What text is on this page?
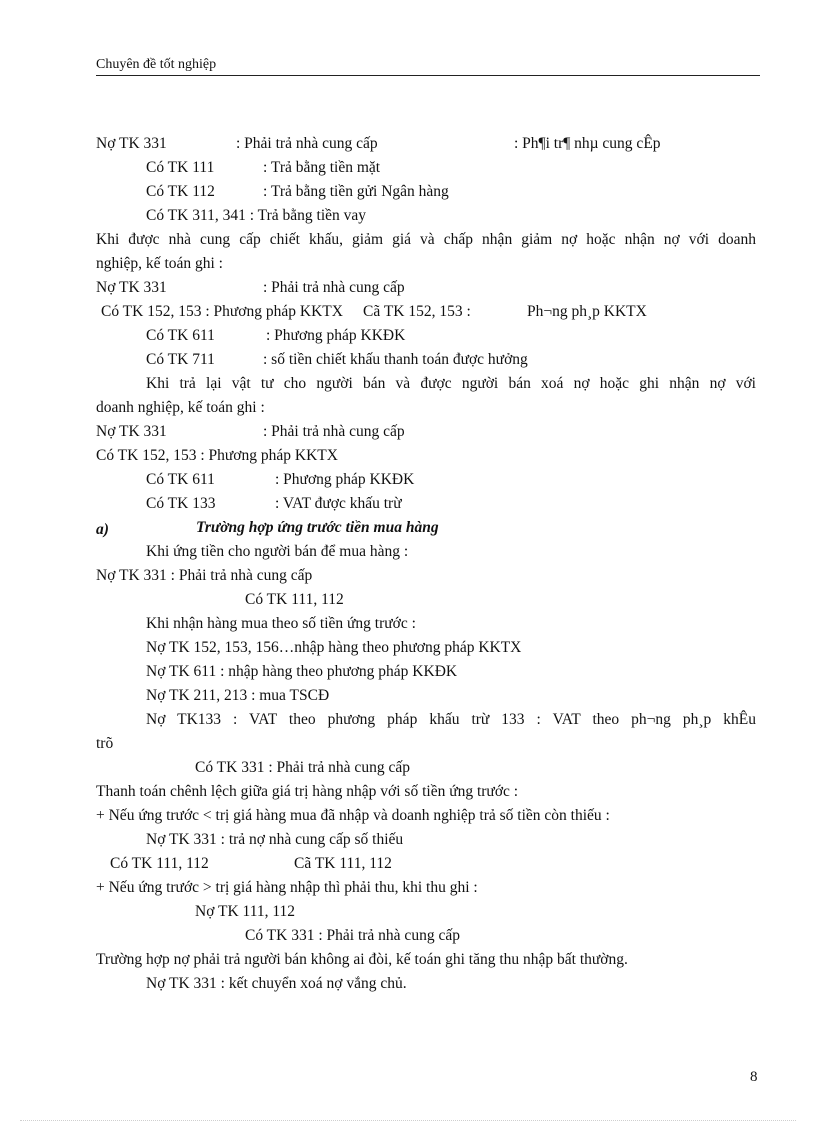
Chuyên đề tốt nghiệp
Nợ TK 331	: Phải trả nhà cung cấp	: Ph¶i tr¶ nhµ cung cÊp
Có TK 111	: Trả bằng tiền mặt
Có TK 112	: Trả bằng tiền gửi Ngân hàng
Có TK 311, 341 : Trả bằng tiền vay
Khi được nhà cung cấp chiết khấu, giảm giá và chấp nhận giảm nợ hoặc nhận nợ với doanh
nghiệp, kế toán ghi :
Nợ TK 331	: Phải trả nhà cung cấp
Có TK 152, 153 : Phương pháp KKTX Cã TK 152, 153 :	Ph¬ng ph¸p KKTX
Có TK 611	: Phương pháp KKĐK
Có TK 711	: số tiền chiết khấu thanh toán được hưởng
Khi trả lại vật tư cho người bán và được người bán xoá nợ hoặc ghi nhận nợ với
doanh nghiệp, kế toán ghi :
Nợ TK 331	: Phải trả nhà cung cấp
Có TK 152, 153 : Phương pháp KKTX
Có TK 611	: Phương pháp KKĐK
Có TK 133	: VAT được khấu trừ
a)	Trường hợp ứng trước tiền mua hàng
Khi ứng tiền cho người bán để mua hàng :
Nợ TK 331 : Phải trả nhà cung cấp
Có TK 111, 112
Khi nhận hàng mua theo số tiền ứng trước :
Nợ TK 152, 153, 156…nhập hàng theo phương pháp KKTX
Nợ TK 611 : nhập hàng theo phương pháp KKĐK
Nợ TK 211, 213 : mua TSCĐ
Nợ TK133 : VAT theo phương pháp khấu trừ 133 : VAT theo ph¬ng ph¸p khÊu
trõ
Có TK 331 : Phải trả nhà cung cấp
Thanh toán chênh lệch giữa giá trị hàng nhập với số tiền ứng trước :
+ Nếu ứng trước < trị giá hàng mua đã nhập và doanh nghiệp trả số tiền còn thiếu :
Nợ TK 331 : trả nợ nhà cung cấp số thiếu
Có TK 111, 112	Cã TK 111, 112
+ Nếu ứng trước > trị giá hàng nhập thì phải thu, khi thu ghi :
Nợ TK 111, 112
Có TK 331 : Phải trả nhà cung cấp
Trường hợp nợ phải trả người bán không ai đòi, kế toán ghi tăng thu nhập bất thường.
Nợ TK 331 : kết chuyển xoá nợ vắng chủ.
8
